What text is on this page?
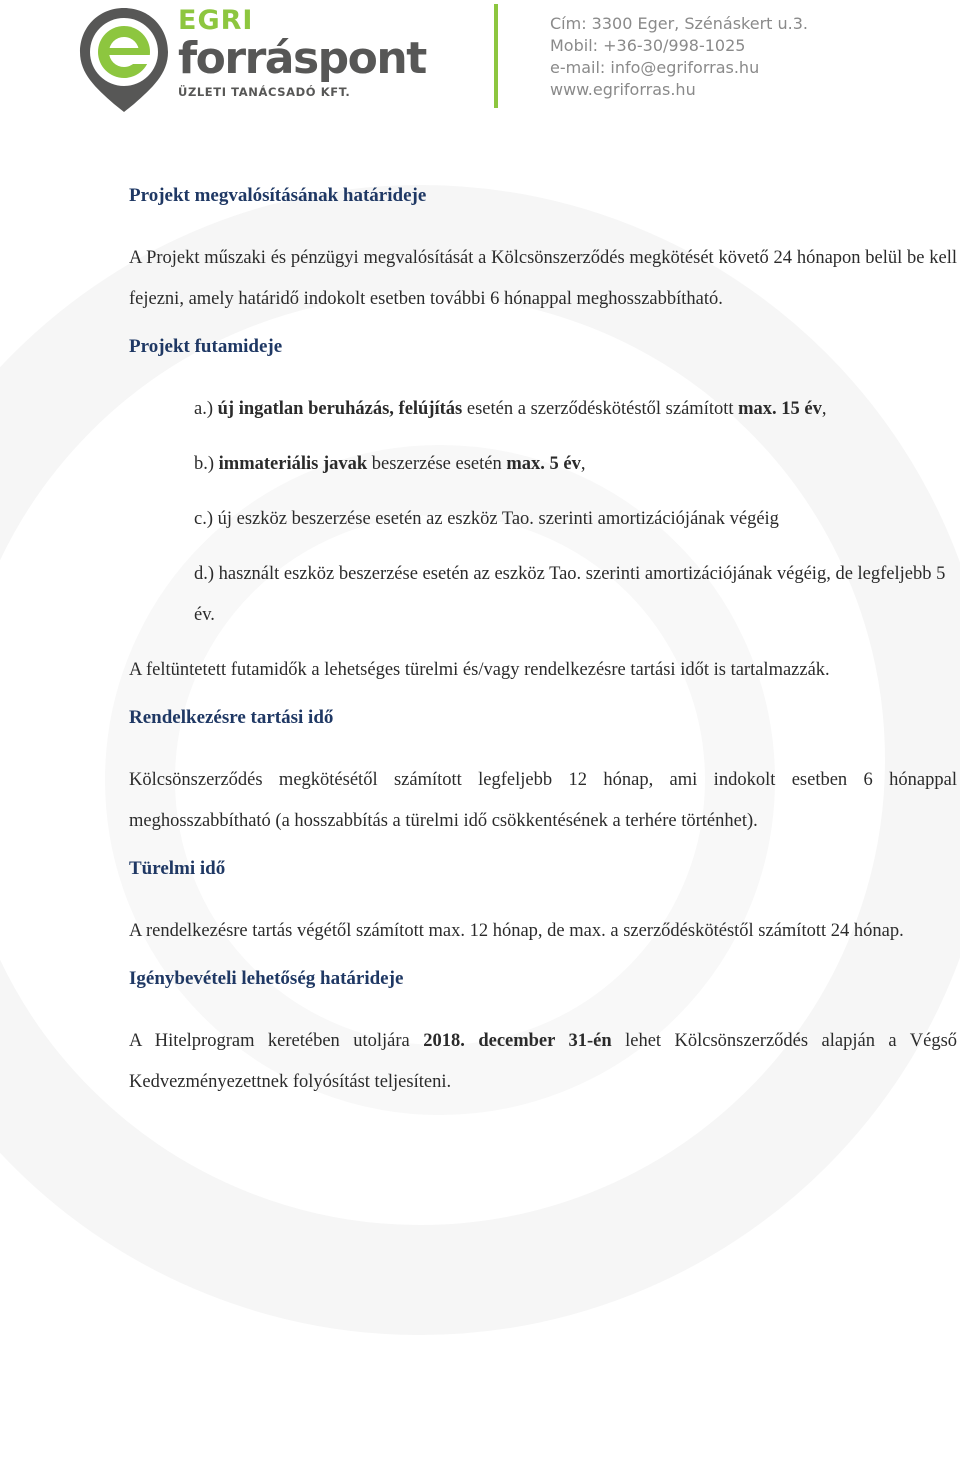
EGRI
forráspont
ÜZLETI TANÁCSADÓ KFT.
Cím: 3300 Eger, Szénáskert u.3.
Mobil: +36-30/998-1025
e-mail: info@egriforras.hu
www.egriforras.hu
Projekt megvalósításának határideje
A Projekt műszaki és pénzügyi megvalósítását a Kölcsönszerződés megkötését követő 24 hónapon belül be kell fejezni, amely határidő indokolt esetben további 6 hónappal meghosszabbítható.
Projekt futamideje
a.) új ingatlan beruházás, felújítás esetén a szerződéskötéstől számított max. 15 év,
b.) immateriális javak beszerzése esetén max. 5 év,
c.) új eszköz beszerzése esetén az eszköz Tao. szerinti amortizációjának végéig
d.) használt eszköz beszerzése esetén az eszköz Tao. szerinti amortizációjának végéig, de legfeljebb 5 év.
A feltüntetett futamidők a lehetséges türelmi és/vagy rendelkezésre tartási időt is tartalmazzák.
Rendelkezésre tartási idő
Kölcsönszerződés megkötésétől számított legfeljebb 12 hónap, ami indokolt esetben 6 hónappal meghosszabbítható (a hosszabbítás a türelmi idő csökkentésének a terhére történhet).
Türelmi idő
A rendelkezésre tartás végétől számított max. 12 hónap, de max. a szerződéskötéstől számított 24 hónap.
Igénybevételi lehetőség határideje
A Hitelprogram keretében utoljára 2018. december 31-én lehet Kölcsönszerződés alapján a Végső Kedvezményezettnek folyósítást teljesíteni.
